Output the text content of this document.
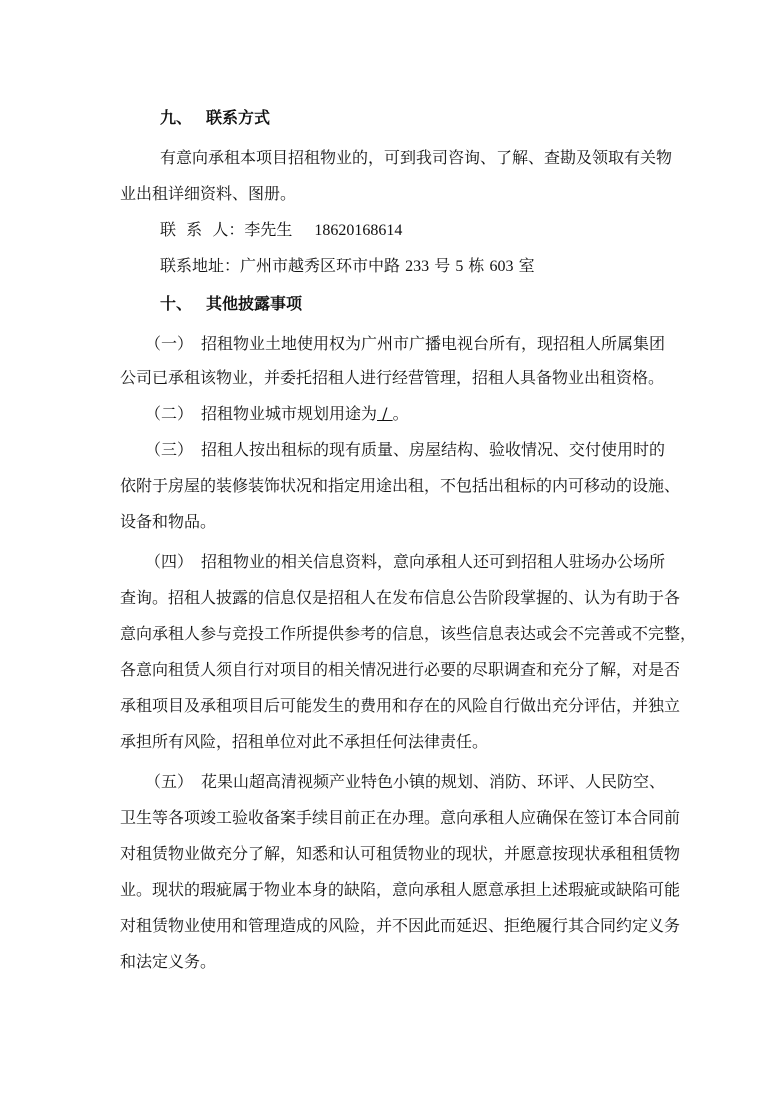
九、 联系方式
有意向承租本项目招租物业的，可到我司咨询、了解、查勘及领取有关物
业出租详细资料、图册。
联  系  人：李先生 18620168614
联系地址：广州市越秀区环市中路 233 号 5 栋 603 室
十、 其他披露事项
（一） 招租物业土地使用权为广州市广播电视台所有，现招租人所属集团
公司已承租该物业，并委托招租人进行经营管理，招租人具备物业出租资格。
（二） 招租物业城市规划用途为 / 。
（三） 招租人按出租标的现有质量、房屋结构、验收情况、交付使用时的
依附于房屋的装修装饰状况和指定用途出租，不包括出租标的内可移动的设施、
设备和物品。
（四） 招租物业的相关信息资料，意向承租人还可到招租人驻场办公场所
查询。招租人披露的信息仅是招租人在发布信息公告阶段掌握的、认为有助于各
意向承租人参与竞投工作所提供参考的信息，该些信息表达或会不完善或不完整，
各意向租赁人须自行对项目的相关情况进行必要的尽职调查和充分了解，对是否
承租项目及承租项目后可能发生的费用和存在的风险自行做出充分评估，并独立
承担所有风险，招租单位对此不承担任何法律责任。
（五） 花果山超高清视频产业特色小镇的规划、消防、环评、人民防空、
卫生等各项竣工验收备案手续目前正在办理。意向承租人应确保在签订本合同前
对租赁物业做充分了解，知悉和认可租赁物业的现状，并愿意按现状承租租赁物
业。现状的瑕疵属于物业本身的缺陷，意向承租人愿意承担上述瑕疵或缺陷可能
对租赁物业使用和管理造成的风险，并不因此而延迟、拒绝履行其合同约定义务
和法定义务。
